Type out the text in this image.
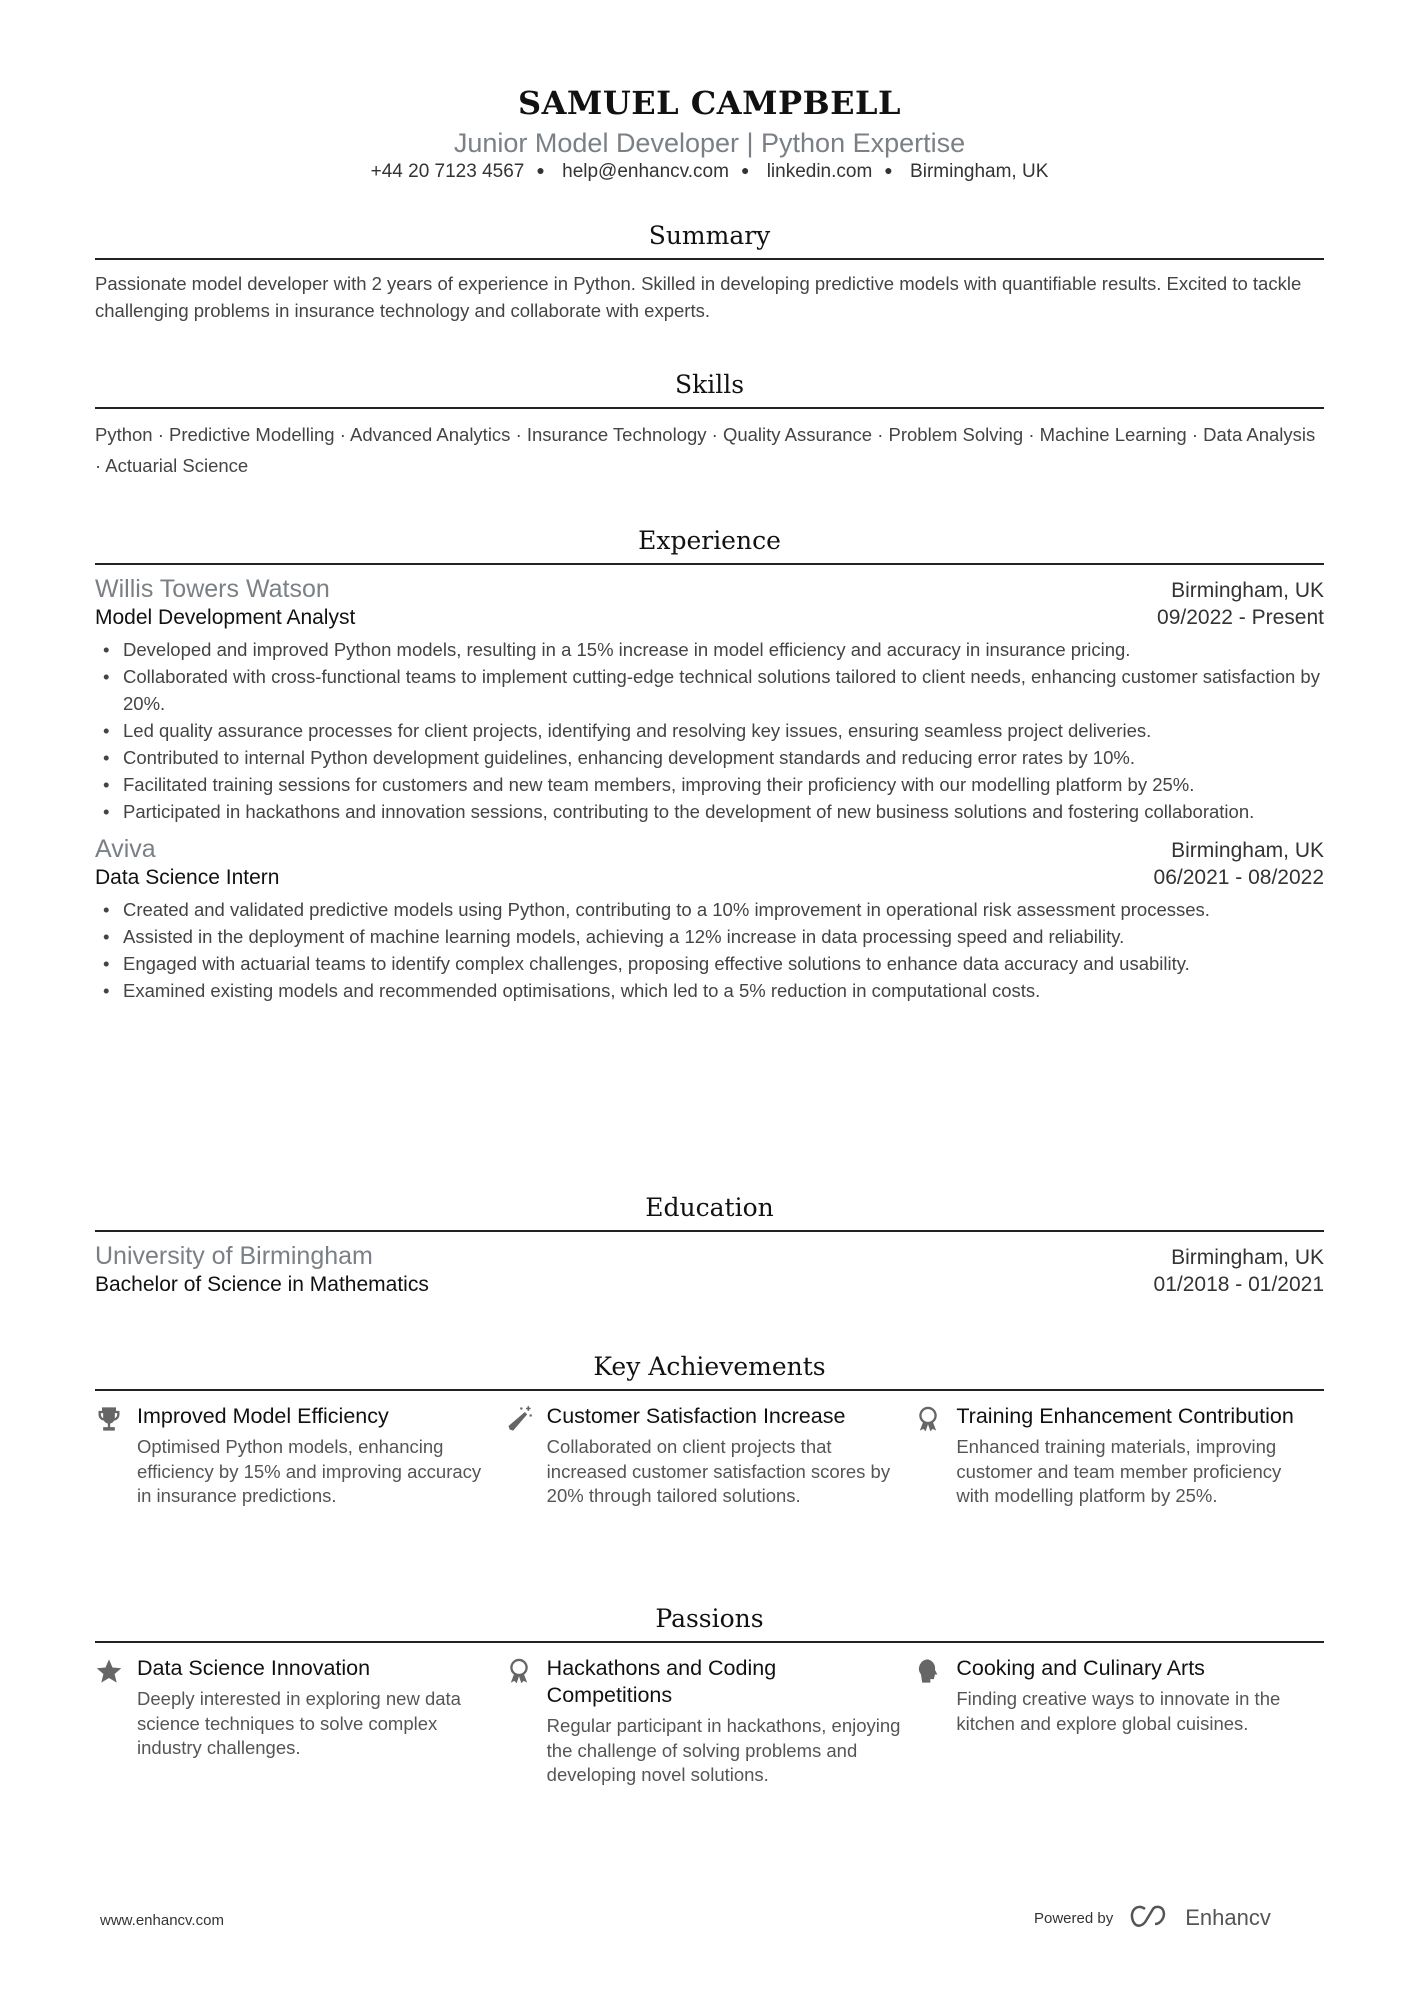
SAMUEL CAMPBELL
Junior Model Developer | Python Expertise
+44 20 7123 4567 ● help@enhancv.com ● linkedin.com ● Birmingham, UK
Summary
Passionate model developer with 2 years of experience in Python. Skilled in developing predictive models with quantifiable results. Excited to tackle challenging problems in insurance technology and collaborate with experts.
Skills
Python · Predictive Modelling · Advanced Analytics · Insurance Technology · Quality Assurance · Problem Solving · Machine Learning · Data Analysis · Actuarial Science
Experience
Willis Towers Watson	Birmingham, UK
Model Development Analyst	09/2022 - Present
• Developed and improved Python models, resulting in a 15% increase in model efficiency and accuracy in insurance pricing.
• Collaborated with cross-functional teams to implement cutting-edge technical solutions tailored to client needs, enhancing customer satisfaction by 20%.
• Led quality assurance processes for client projects, identifying and resolving key issues, ensuring seamless project deliveries.
• Contributed to internal Python development guidelines, enhancing development standards and reducing error rates by 10%.
• Facilitated training sessions for customers and new team members, improving their proficiency with our modelling platform by 25%.
• Participated in hackathons and innovation sessions, contributing to the development of new business solutions and fostering collaboration.
Aviva	Birmingham, UK
Data Science Intern	06/2021 - 08/2022
• Created and validated predictive models using Python, contributing to a 10% improvement in operational risk assessment processes.
• Assisted in the deployment of machine learning models, achieving a 12% increase in data processing speed and reliability.
• Engaged with actuarial teams to identify complex challenges, proposing effective solutions to enhance data accuracy and usability.
• Examined existing models and recommended optimisations, which led to a 5% reduction in computational costs.
Education
University of Birmingham	Birmingham, UK
Bachelor of Science in Mathematics	01/2018 - 01/2021
Key Achievements
Improved Model Efficiency
Optimised Python models, enhancing efficiency by 15% and improving accuracy in insurance predictions.
Customer Satisfaction Increase
Collaborated on client projects that increased customer satisfaction scores by 20% through tailored solutions.
Training Enhancement Contribution
Enhanced training materials, improving customer and team member proficiency with modelling platform by 25%.
Passions
Data Science Innovation
Deeply interested in exploring new data science techniques to solve complex industry challenges.
Hackathons and Coding Competitions
Regular participant in hackathons, enjoying the challenge of solving problems and developing novel solutions.
Cooking and Culinary Arts
Finding creative ways to innovate in the kitchen and explore global cuisines.
www.enhancv.com	Powered by	Enhancv
